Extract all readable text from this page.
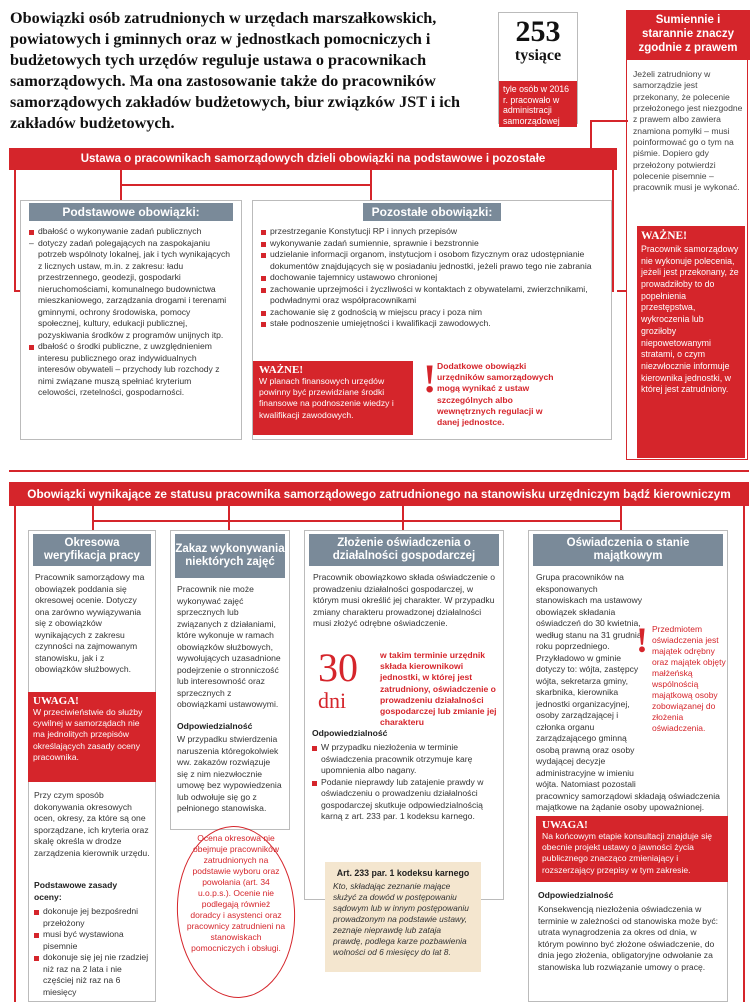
Obowiązki osób zatrudnionych w urzędach marszałkowskich, powiatowych i gminnych oraz w jednostkach pomocniczych i budżetowych tych urzędów reguluje ustawa o pracownikach samorządowych. Ma ona zastosowanie także do pracowników samorządowych zakładów budżetowych, biur związków JST i ich zakładów budżetowych.
253
tysiące
tyle osób w 2016 r. pracowało w administracji samorządowej
Sumiennie i starannie znaczy zgodnie z prawem
Jeżeli zatrudniony w samorządzie jest przekonany, że polecenie przełożonego jest niezgodne z prawem albo zawiera znamiona pomyłki – musi poinformować go o tym na piśmie. Dopiero gdy przełożony potwierdzi polecenie pisemnie – pracownik musi je wykonać.
WAŻNE!
Pracownik samorządowy nie wykonuje polecenia, jeżeli jest przekonany, że prowadziłoby to do popełnienia przestępstwa, wykroczenia lub groziłoby niepowetowanymi stratami, o czym niezwłocznie informuje kierownika jednostki, w której jest zatrudniony.
Ustawa o pracownikach samorządowych dzieli obowiązki na podstawowe i pozostałe
Podstawowe obowiązki:
dbałość o wykonywanie zadań publicznych
– dotyczy zadań polegających na zaspokajaniu potrzeb wspólnoty lokalnej, jak i tych wynikających z licznych ustaw, m.in. z zakresu: ładu przestrzennego, geodezji, gospodarki nieruchomościami, komunalnego budownictwa mieszkaniowego, zarządzania drogami i terenami gminnymi, ochrony środowiska, pomocy społecznej, kultury, edukacji publicznej, pozyskiwania środków z programów unijnych itp.
dbałość o środki publiczne, z uwzględnieniem interesu publicznego oraz indywidualnych interesów obywateli – przychody lub rozchody z nimi związane muszą spełniać kryterium celowości, rzetelności, gospodarności.
Pozostałe obowiązki:
przestrzeganie Konstytucji RP i innych przepisów
wykonywanie zadań sumiennie, sprawnie i bezstronnie
udzielanie informacji organom, instytucjom i osobom fizycznym oraz udostępnianie dokumentów znajdujących się w posiadaniu jednostki, jeżeli prawo tego nie zabrania
dochowanie tajemnicy ustawowo chronionej
zachowanie uprzejmości i życzliwości w kontaktach z obywatelami, zwierzchnikami, podwładnymi oraz współpracownikami
zachowanie się z godnością w miejscu pracy i poza nim
stałe podnoszenie umiejętności i kwalifikacji zawodowych.
WAŻNE!
W planach finansowych urzędów powinny być przewidziane środki finansowe na podnoszenie wiedzy i kwalifikacji zawodowych.
! Dodatkowe obowiązki urzędników samorządowych mogą wynikać z ustaw szczególnych albo wewnętrznych regulacji w danej jednostce.
Obowiązki wynikające ze statusu pracownika samorządowego zatrudnionego na stanowisku urzędniczym bądź kierowniczym
Okresowa weryfikacja pracy
Pracownik samorządowy ma obowiązek poddania się okresowej ocenie. Dotyczy ona zarówno wywiązywania się z obowiązków wynikających z zakresu czynności na zajmowanym stanowisku, jak i z obowiązków służbowych.
UWAGA!
W przeciwieństwie do służby cywilnej w samorządach nie ma jednolitych przepisów określających zasady oceny pracownika.
Przy czym sposób dokonywania okresowych ocen, okresy, za które są one sporządzane, ich kryteria oraz skalę określa w drodze zarządzenia kierownik urzędu.
Podstawowe zasady oceny:
dokonuje jej bezpośredni przełożony
musi być wystawiona pisemnie
dokonuje się jej nie rzadziej niż raz na 2 lata i nie częściej niż raz na 6 miesięcy
Zakaz wykonywania niektórych zajęć
Pracownik nie może wykonywać zajęć sprzecznych lub związanych z działaniami, które wykonuje w ramach obowiązków służbowych, wywołujących uzasadnione podejrzenie o stronniczość lub interesowność oraz sprzecznych z obowiązkami ustawowymi.
Odpowiedzialność
W przypadku stwierdzenia naruszenia któregokolwiek ww. zakazów rozwiązuje się z nim niezwłocznie umowę bez wypowiedzenia lub odwołuje się go z pełnionego stanowiska.
Ocena okresowa nie obejmuje pracowników zatrudnionych na podstawie wyboru oraz powołania (art. 34 u.o.p.s.). Ocenie nie podlegają również doradcy i asystenci oraz pracownicy zatrudnieni na stanowiskach pomocniczych i obsługi.
Złożenie oświadczenia o działalności gospodarczej
Pracownik obowiązkowo składa oświadczenie o prowadzeniu działalności gospodarczej, w którym musi określić jej charakter. W przypadku zmiany charakteru prowadzonej działalności musi złożyć odrębne oświadczenie.
30
dni
w takim terminie urzędnik składa kierownikowi jednostki, w której jest zatrudniony, oświadczenie o prowadzeniu działalności gospodarczej lub zmianie jej charakteru
Odpowiedzialność
W przypadku niezłożenia w terminie oświadczenia pracownik otrzymuje karę upomnienia albo nagany.
Podanie nieprawdy lub zatajenie prawdy w oświadczeniu o prowadzeniu działalności gospodarczej skutkuje odpowiedzialnością karną z art. 233 par. 1 kodeksu karnego.
Art. 233 par. 1 kodeksu karnego
Kto, składając zeznanie mające służyć za dowód w postępowaniu sądowym lub w innym postępowaniu prowadzonym na podstawie ustawy, zeznaje nieprawdę lub zataja prawdę, podlega karze pozbawienia wolności od 6 miesięcy do lat 8.
Oświadczenia o stanie majątkowym
Grupa pracowników na eksponowanych stanowiskach ma ustawowy obowiązek składania oświadczeń do 30 kwietnia, według stanu na 31 grudnia roku poprzedniego. Przykładowo w gminie dotyczy to: wójta, zastępcy wójta, sekretarza gminy, skarbnika, kierownika jednostki organizacyjnej, osoby zarządzającej i członka organu zarządzającego gminną osobą prawną oraz osoby wydającej decyzje administracyjne w imieniu wójta. Natomiast pozostali pracownicy samorządowi składają oświadczenia majątkowe na żądanie osoby upoważnionej.
! Przedmiotem oświadczenia jest majątek odrębny oraz majątek objęty małżeńską wspólnością majątkową osoby zobowiązanej do złożenia oświadczenia.
UWAGA!
Na końcowym etapie konsultacji znajduje się obecnie projekt ustawy o jawności życia publicznego znacząco zmieniający i rozszerzający przepisy w tym zakresie.
Odpowiedzialność
Konsekwencją niezłożenia oświadczenia w terminie w zależności od stanowiska może być: utrata wynagrodzenia za okres od dnia, w którym powinno być złożone oświadczenie, do dnia jego złożenia, obligatoryjne odwołanie za stanowiska lub rozwiązanie umowy o pracę.
